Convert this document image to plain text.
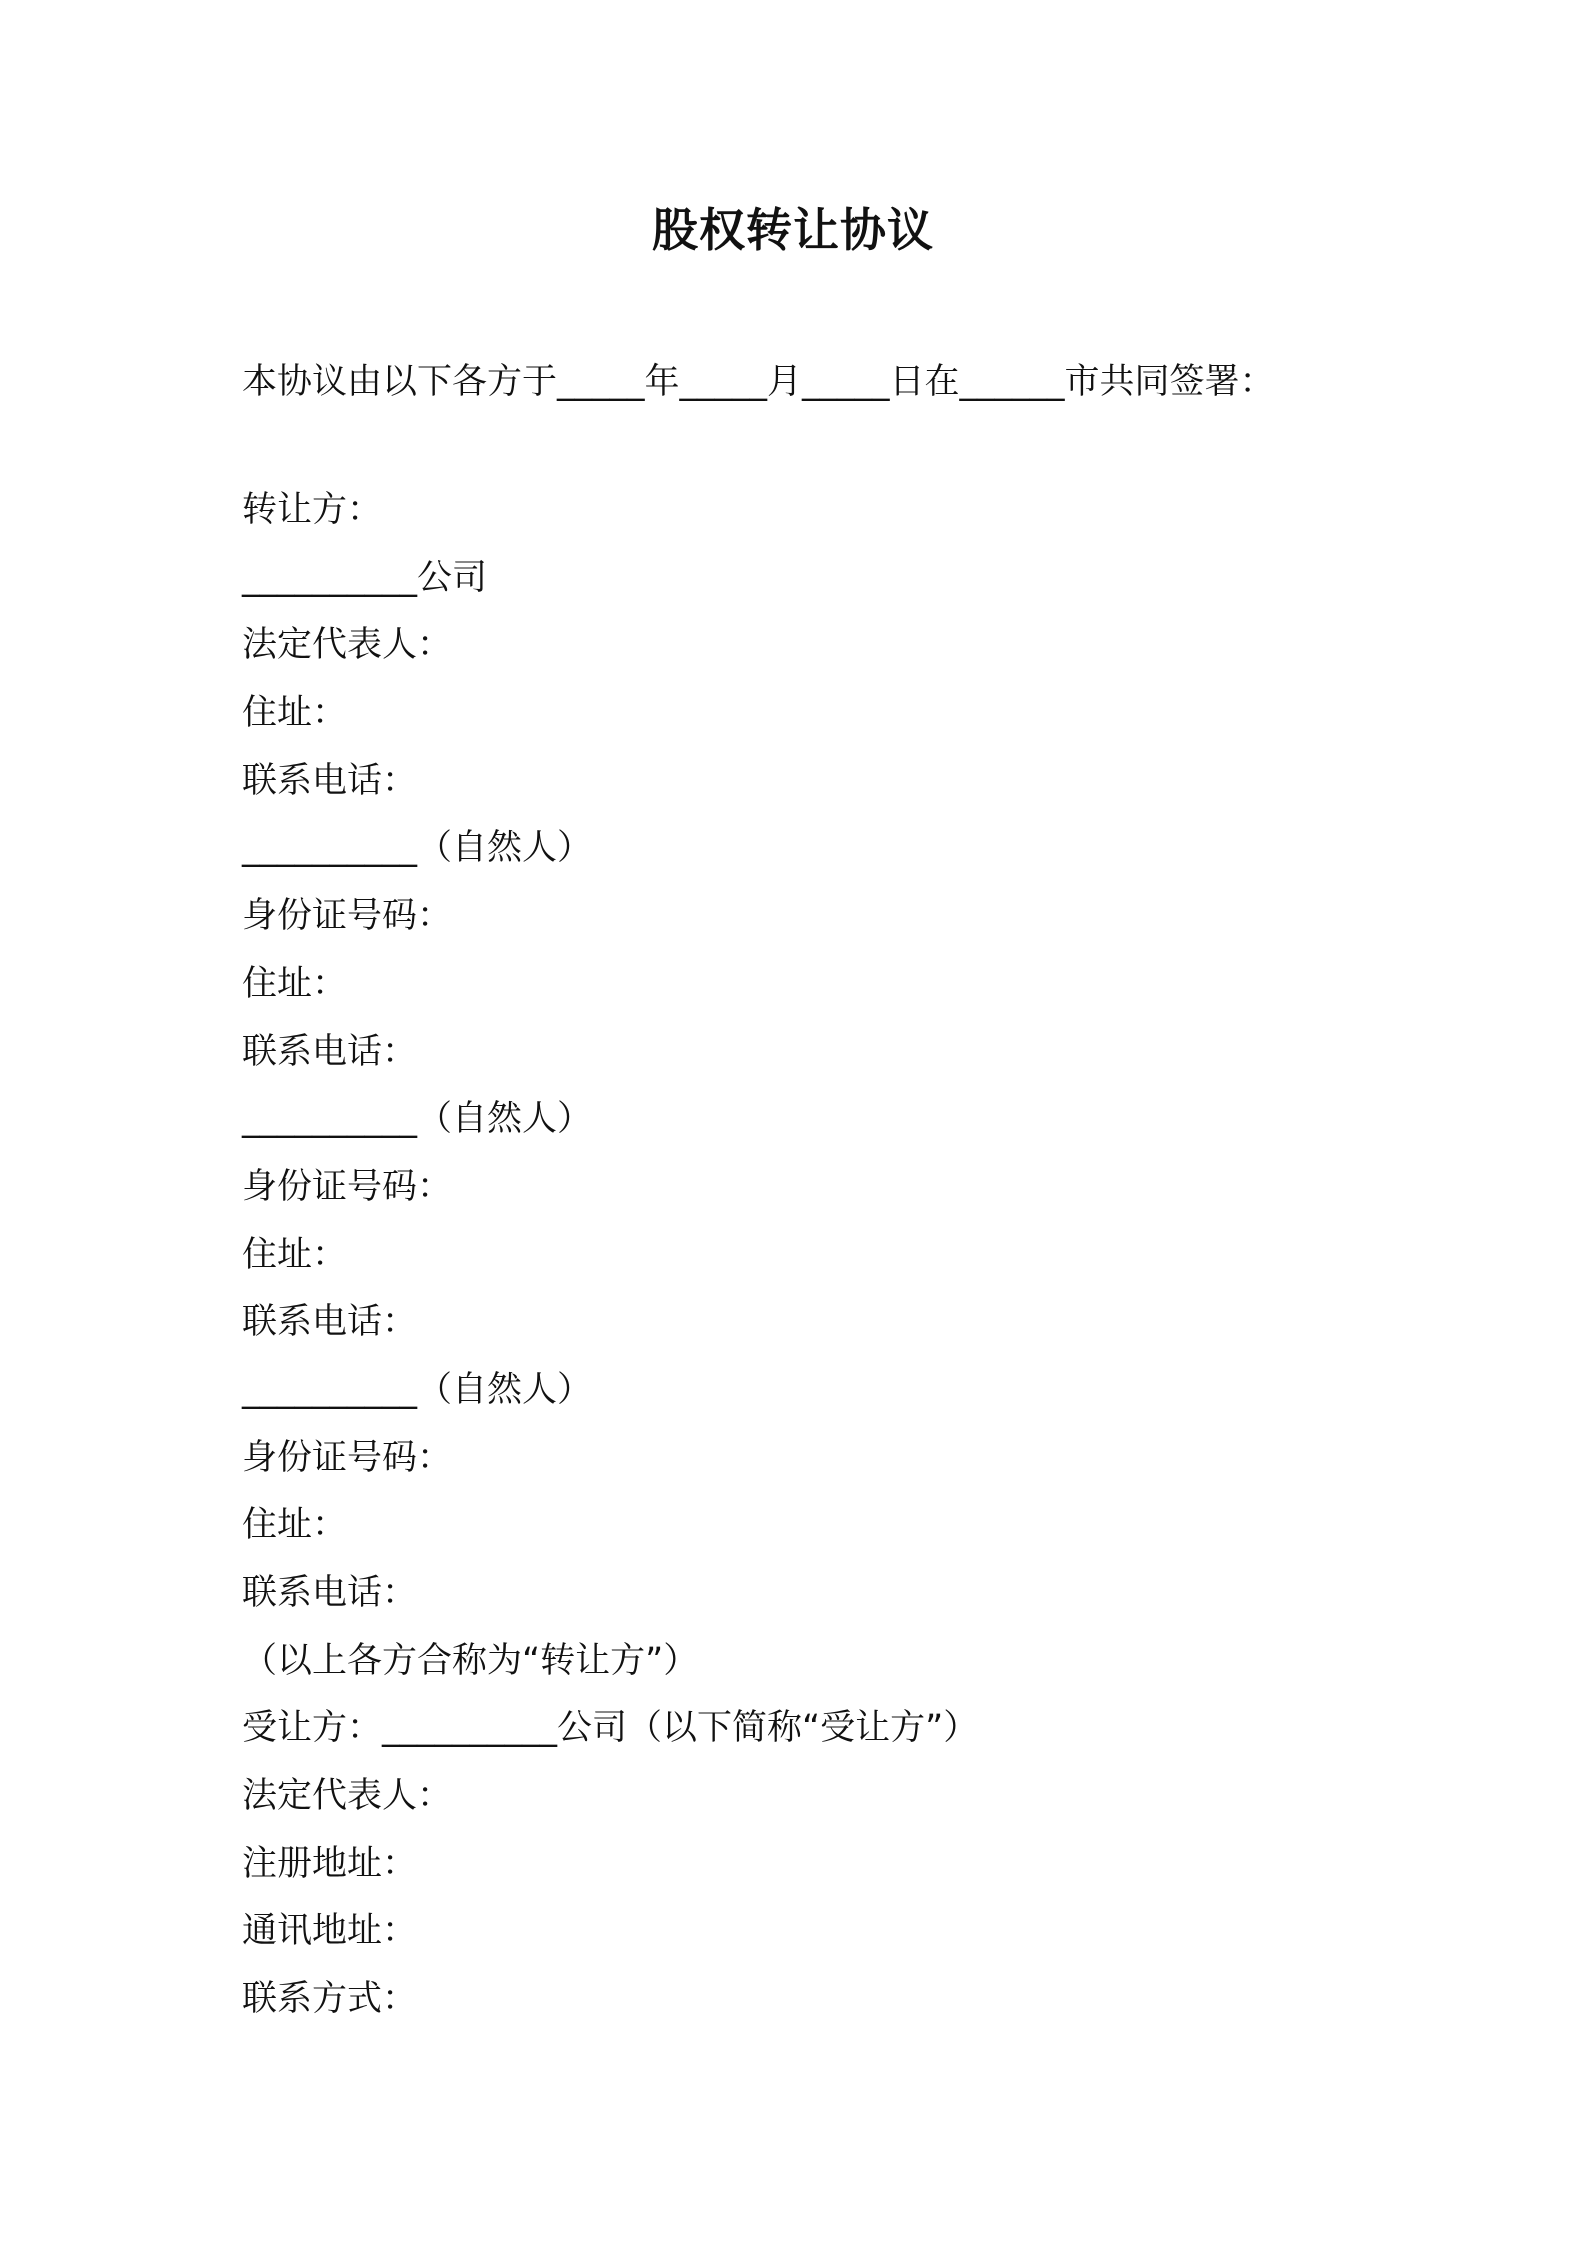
股权转让协议
本协议由以下各方于_____年_____月_____日在______市共同签署：
转让方：
__________公司
法定代表人：
住址：
联系电话：
__________（自然人）
身份证号码：
住址：
联系电话：
__________（自然人）
身份证号码：
住址：
联系电话：
__________（自然人）
身份证号码：
住址：
联系电话：
（以上各方合称为“转让方”）
受让方：__________公司（以下简称“受让方”）
法定代表人：
注册地址：
通讯地址：
联系方式：
